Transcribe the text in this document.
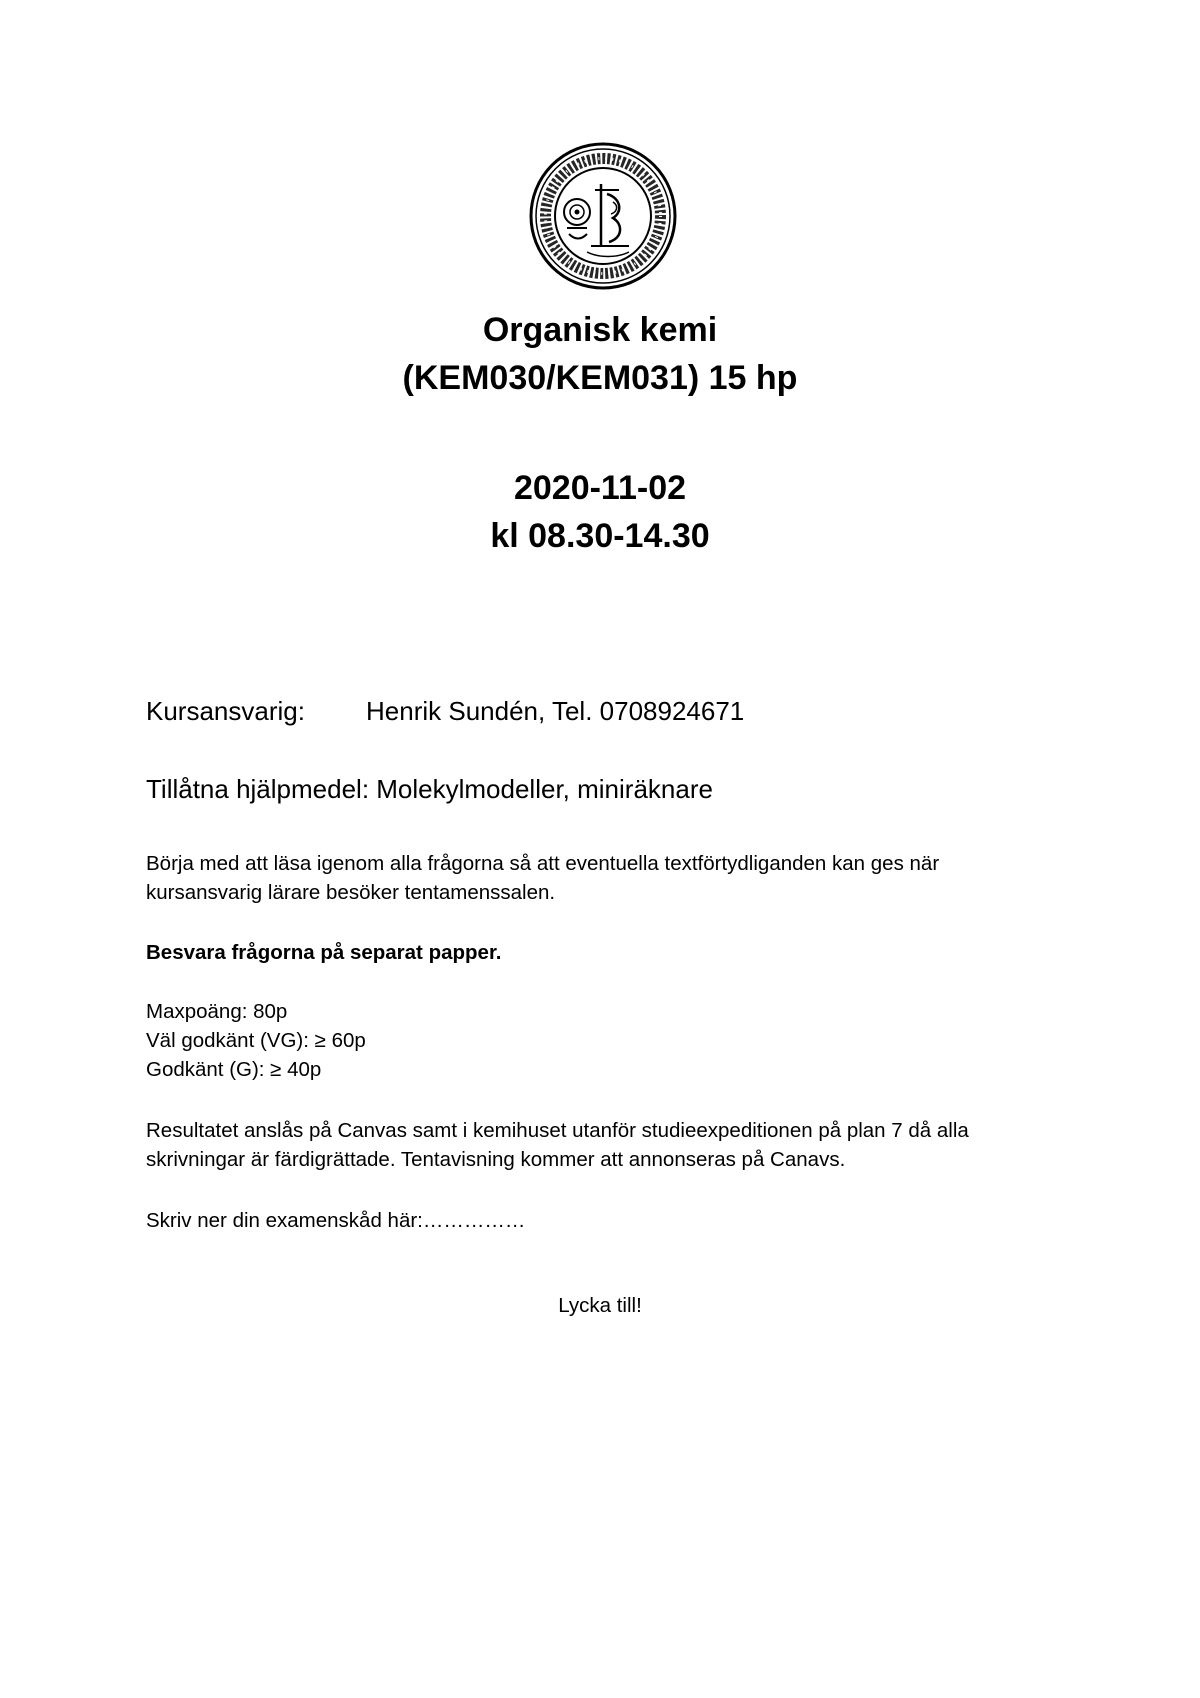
Organisk kemi
(KEM030/KEM031) 15 hp
2020-11-02
kl 08.30-14.30
Kursansvarig: Henrik Sundén, Tel. 0708924671
Tillåtna hjälpmedel: Molekylmodeller, miniräknare
Börja med att läsa igenom alla frågorna så att eventuella textförtydliganden kan ges när
kursansvarig lärare besöker tentamenssalen.
Besvara frågorna på separat papper.
Maxpoäng: 80p
Väl godkänt (VG): ≥ 60p
Godkänt (G): ≥ 40p
Resultatet anslås på Canvas samt i kemihuset utanför studieexpeditionen på plan 7 då alla
skrivningar är färdigrättade. Tentavisning kommer att annonseras på Canavs.
Skriv ner din examenskåd här:……………
Lycka till!
